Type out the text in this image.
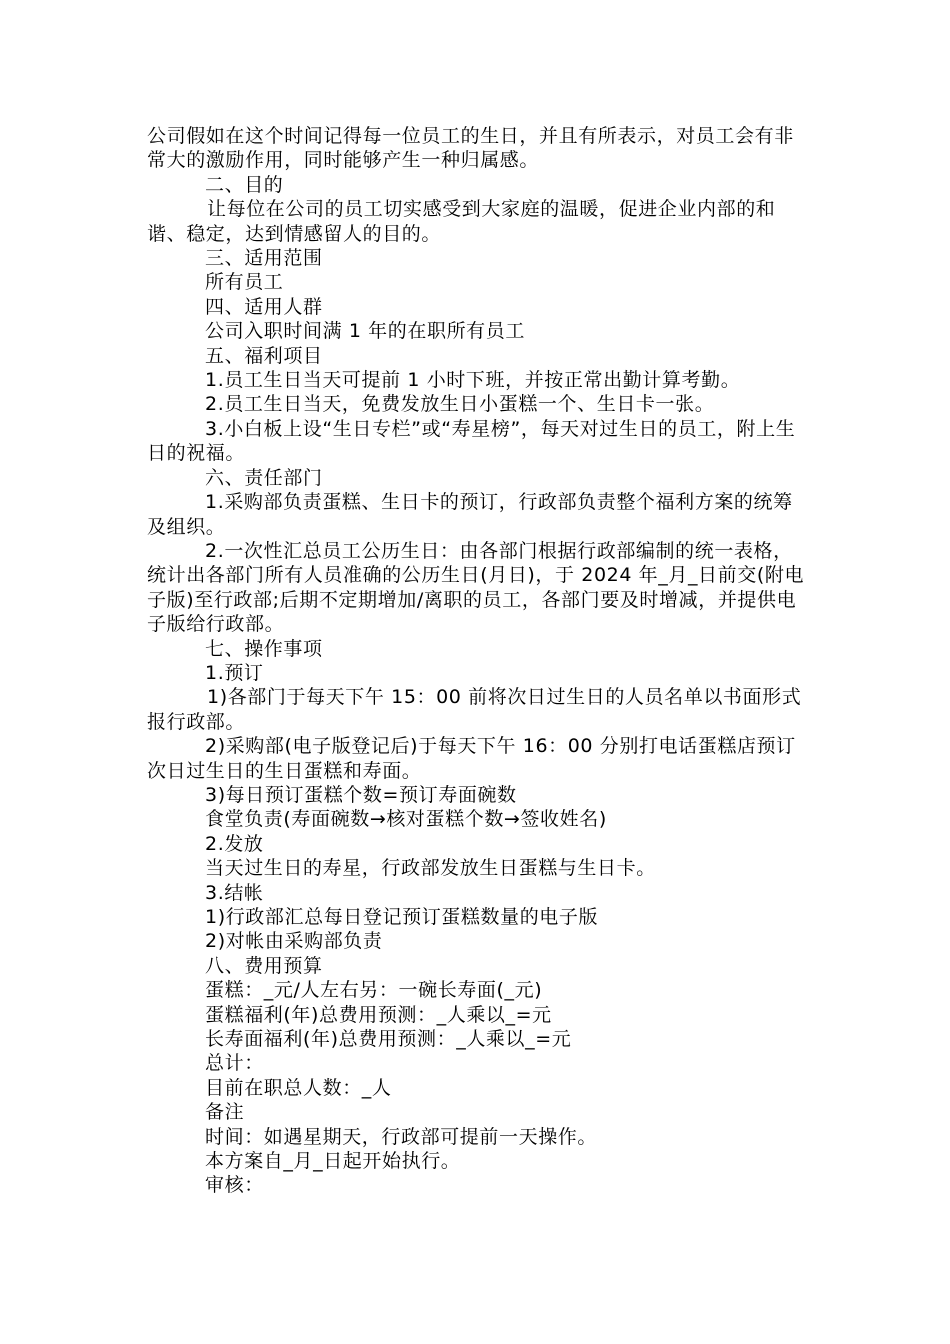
公司假如在这个时间记得每一位员工的生日，并且有所表示，对员工会有非常大的激励作用，同时能够产生一种归属感。

二、目的

让每位在公司的员工切实感受到大家庭的温暖，促进企业内部的和谐、稳定，达到情感留人的目的。

三、适用范围

所有员工

四、适用人群

公司入职时间满 1 年的在职所有员工

五、福利项目

1.员工生日当天可提前 1 小时下班，并按正常出勤计算考勤。

2.员工生日当天，免费发放生日小蛋糕一个、生日卡一张。

3.小白板上设“生日专栏”或“寿星榜”，每天对过生日的员工，附上生日的祝福。

六、责任部门

1.采购部负责蛋糕、生日卡的预订，行政部负责整个福利方案的统筹及组织。

2.一次性汇总员工公历生日：由各部门根据行政部编制的统一表格，统计出各部门所有人员准确的公历生日(月日)，于 2024 年_月_日前交(附电子版)至行政部;后期不定期增加/离职的员工，各部门要及时增减，并提供电子版给行政部。

七、操作事项

1.预订

1)各部门于每天下午 15：00 前将次日过生日的人员名单以书面形式报行政部。

2)采购部(电子版登记后)于每天下午 16：00 分别打电话蛋糕店预订次日过生日的生日蛋糕和寿面。

3)每日预订蛋糕个数=预订寿面碗数

食堂负责(寿面碗数→核对蛋糕个数→签收姓名)

2.发放

当天过生日的寿星，行政部发放生日蛋糕与生日卡。

3.结帐

1)行政部汇总每日登记预订蛋糕数量的电子版

2)对帐由采购部负责

八、费用预算

蛋糕：_元/人左右另：一碗长寿面(_元)

蛋糕福利(年)总费用预测：_人乘以_=元

长寿面福利(年)总费用预测：_人乘以_=元

总计：

目前在职总人数：_人

备注

时间：如遇星期天，行政部可提前一天操作。

本方案自_月_日起开始执行。

审核：
